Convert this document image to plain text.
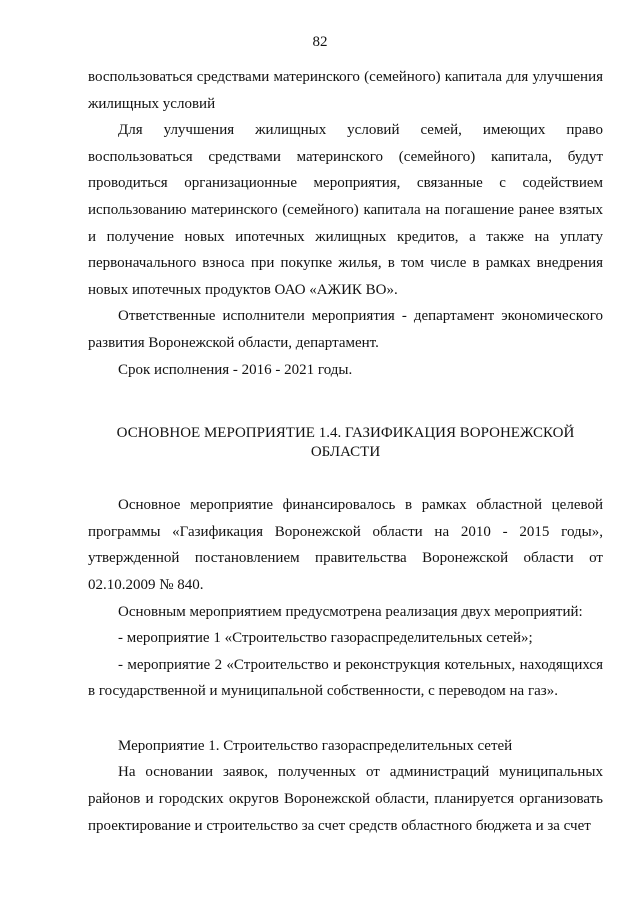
82

воспользоваться средствами материнского (семейного) капитала для улучшения жилищных условий

Для улучшения жилищных условий семей, имеющих право воспользоваться средствами материнского (семейного) капитала, будут проводиться организационные мероприятия, связанные с содействием использованию материнского (семейного) капитала на погашение ранее взятых и получение новых ипотечных жилищных кредитов, а также на уплату первоначального взноса при покупке жилья, в том числе в рамках внедрения новых ипотечных продуктов ОАО «АЖИК ВО».

Ответственные исполнители мероприятия - департамент экономического развития Воронежской области, департамент.

Срок исполнения - 2016 - 2021 годы.

ОСНОВНОЕ МЕРОПРИЯТИЕ 1.4. ГАЗИФИКАЦИЯ ВОРОНЕЖСКОЙ
ОБЛАСТИ

Основное мероприятие финансировалось в рамках областной целевой программы «Газификация Воронежской области на 2010 - 2015 годы», утвержденной постановлением правительства Воронежской области от 02.10.2009 № 840.

Основным мероприятием предусмотрена реализация двух мероприятий:

- мероприятие 1 «Строительство газораспределительных сетей»;

- мероприятие 2 «Строительство и реконструкция котельных, находящихся в государственной и муниципальной собственности, с переводом на газ».

Мероприятие 1. Строительство газораспределительных сетей

На основании заявок, полученных от администраций муниципальных районов и городских округов Воронежской области, планируется организовать проектирование и строительство за счет средств областного бюджета и за счет
